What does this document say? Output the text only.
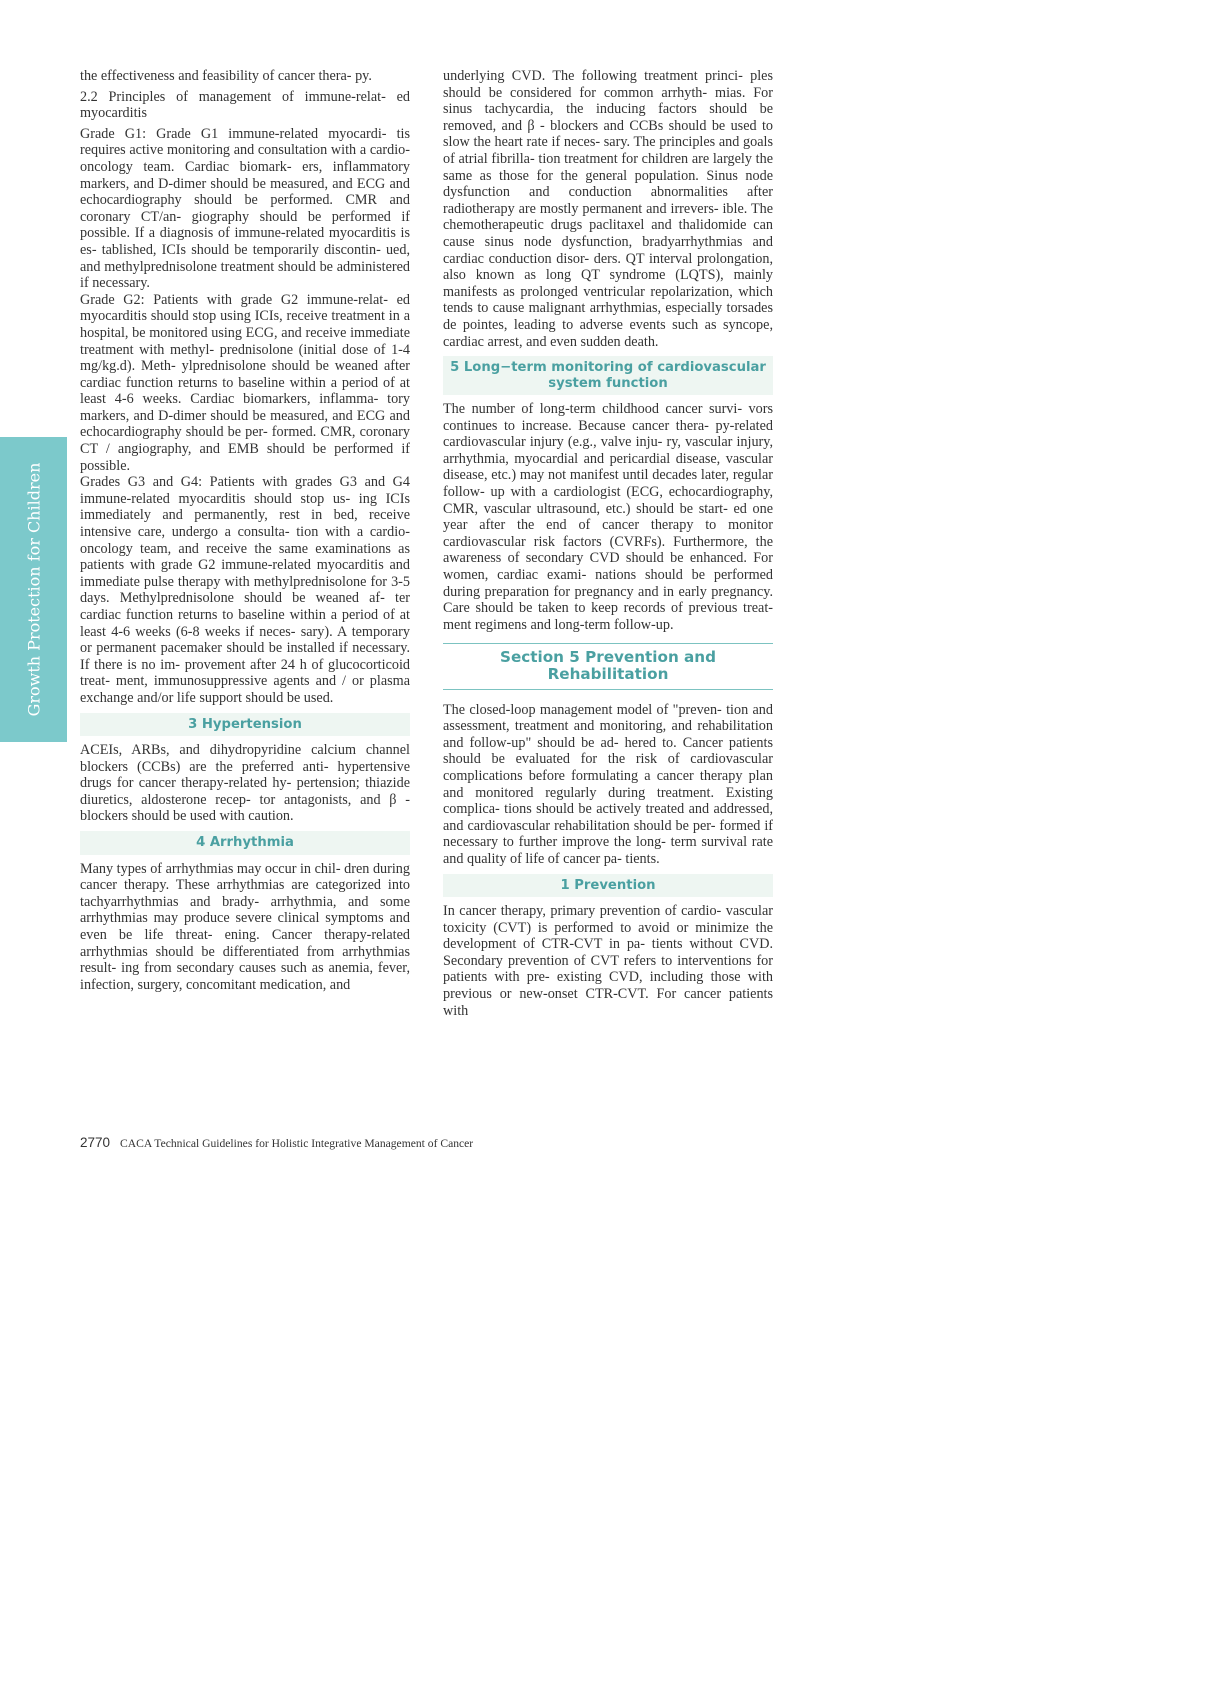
Growth Protection for Children

the effectiveness and feasibility of cancer thera- py.

2.2 Principles of management of immune-relat- ed myocarditis

Grade G1: Grade G1 immune-related myocardi- tis requires active monitoring and consultation with a cardio-oncology team. Cardiac biomark- ers, inflammatory markers, and D-dimer should be measured, and ECG and echocardiography should be performed. CMR and coronary CT/an- giography should be performed if possible. If a diagnosis of immune-related myocarditis is es- tablished, ICIs should be temporarily discontin- ued, and methylprednisolone treatment should be administered if necessary.

Grade G2: Patients with grade G2 immune-relat- ed myocarditis should stop using ICIs, receive treatment in a hospital, be monitored using ECG, and receive immediate treatment with methyl- prednisolone (initial dose of 1-4 mg/kg.d). Meth- ylprednisolone should be weaned after cardiac function returns to baseline within a period of at least 4-6 weeks. Cardiac biomarkers, inflamma- tory markers, and D-dimer should be measured, and ECG and echocardiography should be per- formed. CMR, coronary CT / angiography, and EMB should be performed if possible.

Grades G3 and G4: Patients with grades G3 and G4 immune-related myocarditis should stop us- ing ICIs immediately and permanently, rest in bed, receive intensive care, undergo a consulta- tion with a cardio-oncology team, and receive the same examinations as patients with grade G2 immune-related myocarditis and immediate pulse therapy with methylprednisolone for 3-5 days. Methylprednisolone should be weaned af- ter cardiac function returns to baseline within a period of at least 4-6 weeks (6-8 weeks if neces- sary). A temporary or permanent pacemaker should be installed if necessary. If there is no im- provement after 24 h of glucocorticoid treat- ment, immunosuppressive agents and / or plasma exchange and/or life support should be used.

3 Hypertension

ACEIs, ARBs, and dihydropyridine calcium channel blockers (CCBs) are the preferred anti- hypertensive drugs for cancer therapy-related hy- pertension; thiazide diuretics, aldosterone recep- tor antagonists, and β - blockers should be used with caution.

4 Arrhythmia

Many types of arrhythmias may occur in chil- dren during cancer therapy. These arrhythmias are categorized into tachyarrhythmias and brady- arrhythmia, and some arrhythmias may produce severe clinical symptoms and even be life threat- ening. Cancer therapy-related arrhythmias should be differentiated from arrhythmias result- ing from secondary causes such as anemia, fever, infection, surgery, concomitant medication, and

underlying CVD. The following treatment princi- ples should be considered for common arrhyth- mias. For sinus tachycardia, the inducing factors should be removed, and β - blockers and CCBs should be used to slow the heart rate if neces- sary. The principles and goals of atrial fibrilla- tion treatment for children are largely the same as those for the general population. Sinus node dysfunction and conduction abnormalities after radiotherapy are mostly permanent and irrevers- ible. The chemotherapeutic drugs paclitaxel and thalidomide can cause sinus node dysfunction, bradyarrhythmias and cardiac conduction disor- ders. QT interval prolongation, also known as long QT syndrome (LQTS), mainly manifests as prolonged ventricular repolarization, which tends to cause malignant arrhythmias, especially torsades de pointes, leading to adverse events such as syncope, cardiac arrest, and even sudden death.

5 Long−term monitoring of cardiovascular system function

The number of long-term childhood cancer survi- vors continues to increase. Because cancer thera- py-related cardiovascular injury (e.g., valve inju- ry, vascular injury, arrhythmia, myocardial and pericardial disease, vascular disease, etc.) may not manifest until decades later, regular follow- up with a cardiologist (ECG, echocardiography, CMR, vascular ultrasound, etc.) should be start- ed one year after the end of cancer therapy to monitor cardiovascular risk factors (CVRFs). Furthermore, the awareness of secondary CVD should be enhanced. For women, cardiac exami- nations should be performed during preparation for pregnancy and in early pregnancy. Care should be taken to keep records of previous treat- ment regimens and long-term follow-up.

Section 5 Prevention and Rehabilitation

The closed-loop management model of "preven- tion and assessment, treatment and monitoring, and rehabilitation and follow-up" should be ad- hered to. Cancer patients should be evaluated for the risk of cardiovascular complications before formulating a cancer therapy plan and monitored regularly during treatment. Existing complica- tions should be actively treated and addressed, and cardiovascular rehabilitation should be per- formed if necessary to further improve the long- term survival rate and quality of life of cancer pa- tients.

1 Prevention

In cancer therapy, primary prevention of cardio- vascular toxicity (CVT) is performed to avoid or minimize the development of CTR-CVT in pa- tients without CVD. Secondary prevention of CVT refers to interventions for patients with pre- existing CVD, including those with previous or new-onset CTR-CVT. For cancer patients with

2770 CACA Technical Guidelines for Holistic Integrative Management of Cancer
